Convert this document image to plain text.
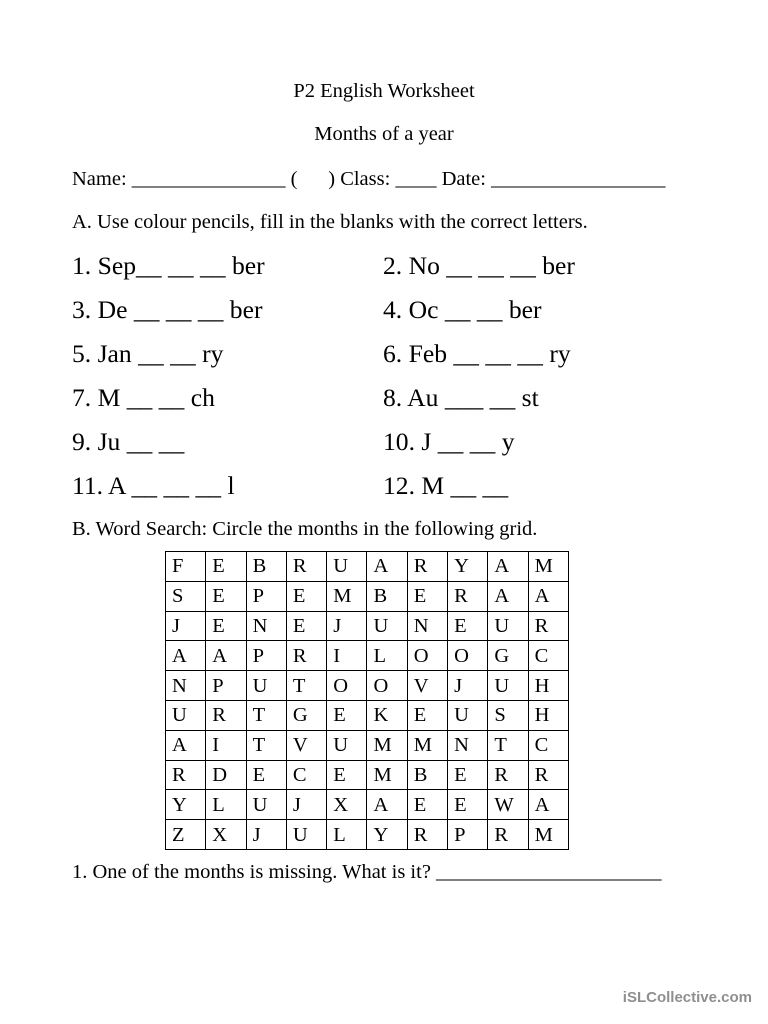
P2 English Worksheet
Months of a year
Name: _______________ (      ) Class: ____ Date: _________________
A. Use colour pencils, fill in the blanks with the correct letters.
1. Sep__ __ __ ber	2. No __ __ __ ber
3. De __ __ __ ber	4. Oc __ __ ber
5. Jan __ __ ry	6. Feb __ __ __ ry
7. M __ __ ch	8. Au ___ __ st
9. Ju __ __	10. J __ __ y
11. A __ __ __ l	12. M __ __
B. Word Search: Circle the months in the following grid.
F	E	B	R	U	A	R	Y	A	M
S	E	P	E	M	B	E	R	A	A
J	E	N	E	J	U	N	E	U	R
A	A	P	R	I	L	O	O	G	C
N	P	U	T	O	O	V	J	U	H
U	R	T	G	E	K	E	U	S	H
A	I	T	V	U	M	M	N	T	C
R	D	E	C	E	M	B	E	R	R
Y	L	U	J	X	A	E	E	W	A
Z	X	J	U	L	Y	R	P	R	M
1. One of the months is missing. What is it? ______________________
iSLCollective.com
